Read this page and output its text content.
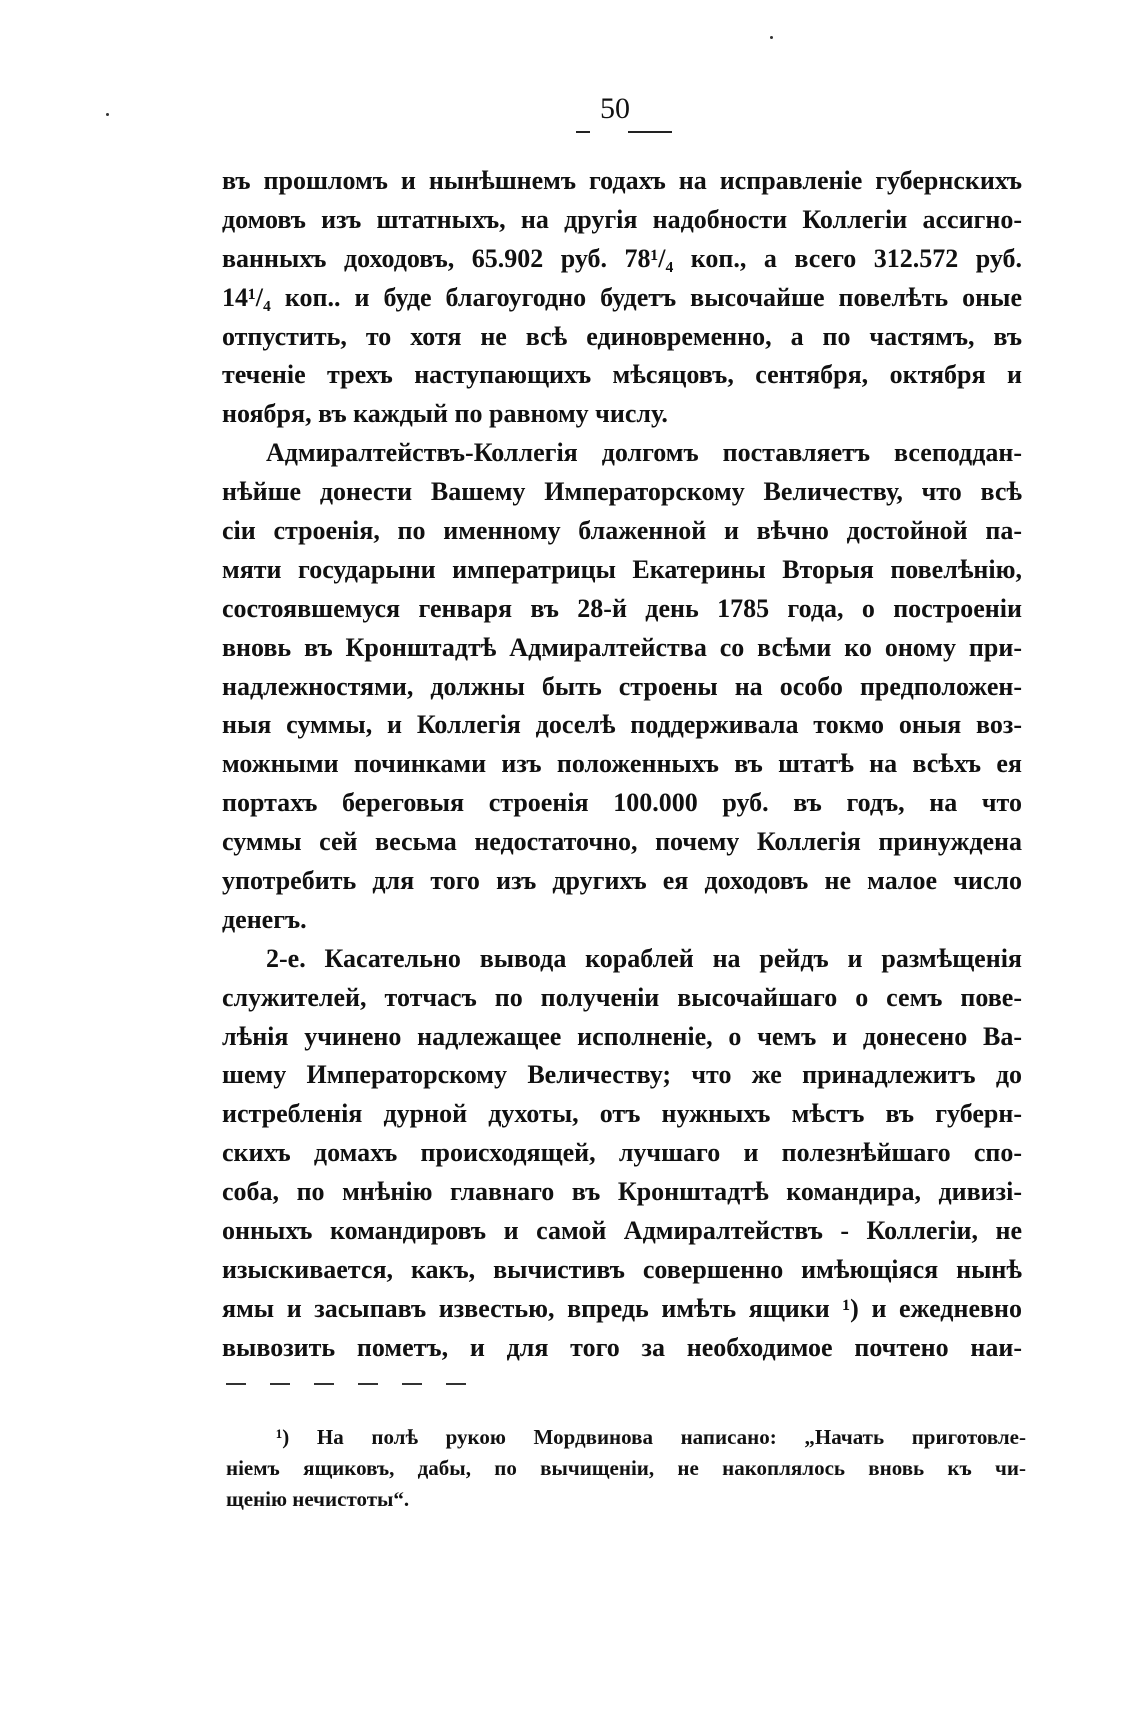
50
въ прошломъ и нынѣшнемъ годахъ на исправленіе губернскихъ
домовъ изъ штатныхъ, на другія надобности Коллегіи ассигно-
ванныхъ доходовъ, 65.902 руб. 78¹/₄ коп., а всего 312.572 руб.
14¹/₄ коп.. и буде благоугодно будетъ высочайше повелѣть оные
отпустить, то хотя не всѣ единовременно, а по частямъ, въ
теченіе трехъ наступающихъ мѣсяцовъ, сентября, октября и
ноября, въ каждый по равному числу.
Адмиралтействъ-Коллегія долгомъ поставляетъ всеподдан-
нѣйше донести Вашему Императорскому Величеству, что всѣ
сіи строенія, по именному блаженной и вѣчно достойной па-
мяти государыни императрицы Екатерины Вторыя повелѣнію,
состоявшемуся генваря въ 28-й день 1785 года, о построеніи
вновь въ Кронштадтѣ Адмиралтейства со всѣми ко оному при-
надлежностями, должны быть строены на особо предположен-
ныя суммы, и Коллегія доселѣ поддерживала токмо оныя воз-
можными починками изъ положенныхъ въ штатѣ на всѣхъ ея
портахъ береговыя строенія 100.000 руб. въ годъ, на что
суммы сей весьма недостаточно, почему Коллегія принуждена
употребить для того изъ другихъ ея доходовъ не малое число
денегъ.
2-е. Касательно вывода кораблей на рейдъ и размѣщенія
служителей, тотчасъ по полученіи высочайшаго о семъ пове-
лѣнія учинено надлежащее исполненіе, о чемъ и донесено Ва-
шему Императорскому Величеству; что же принадлежитъ до
истребленія дурной духоты, отъ нужныхъ мѣстъ въ губерн-
скихъ домахъ происходящей, лучшаго и полезнѣйшаго спо-
соба, по мнѣнію главнаго въ Кронштадтѣ командира, дивизі-
онныхъ командировъ и самой Адмиралтействъ - Коллегіи, не
изыскивается, какъ, вычистивъ совершенно имѣющіяся нынѣ
ямы и засыпавъ известью, впредь имѣть ящики ¹) и ежедневно
вывозить пометъ, и для того за необходимое почтено наи-
¹) На полѣ рукою Мордвинова написано: „Начать приготовле-
ніемъ ящиковъ, дабы, по вычищеніи, не накоплялось вновь къ чи-
щенію нечистоты“.
